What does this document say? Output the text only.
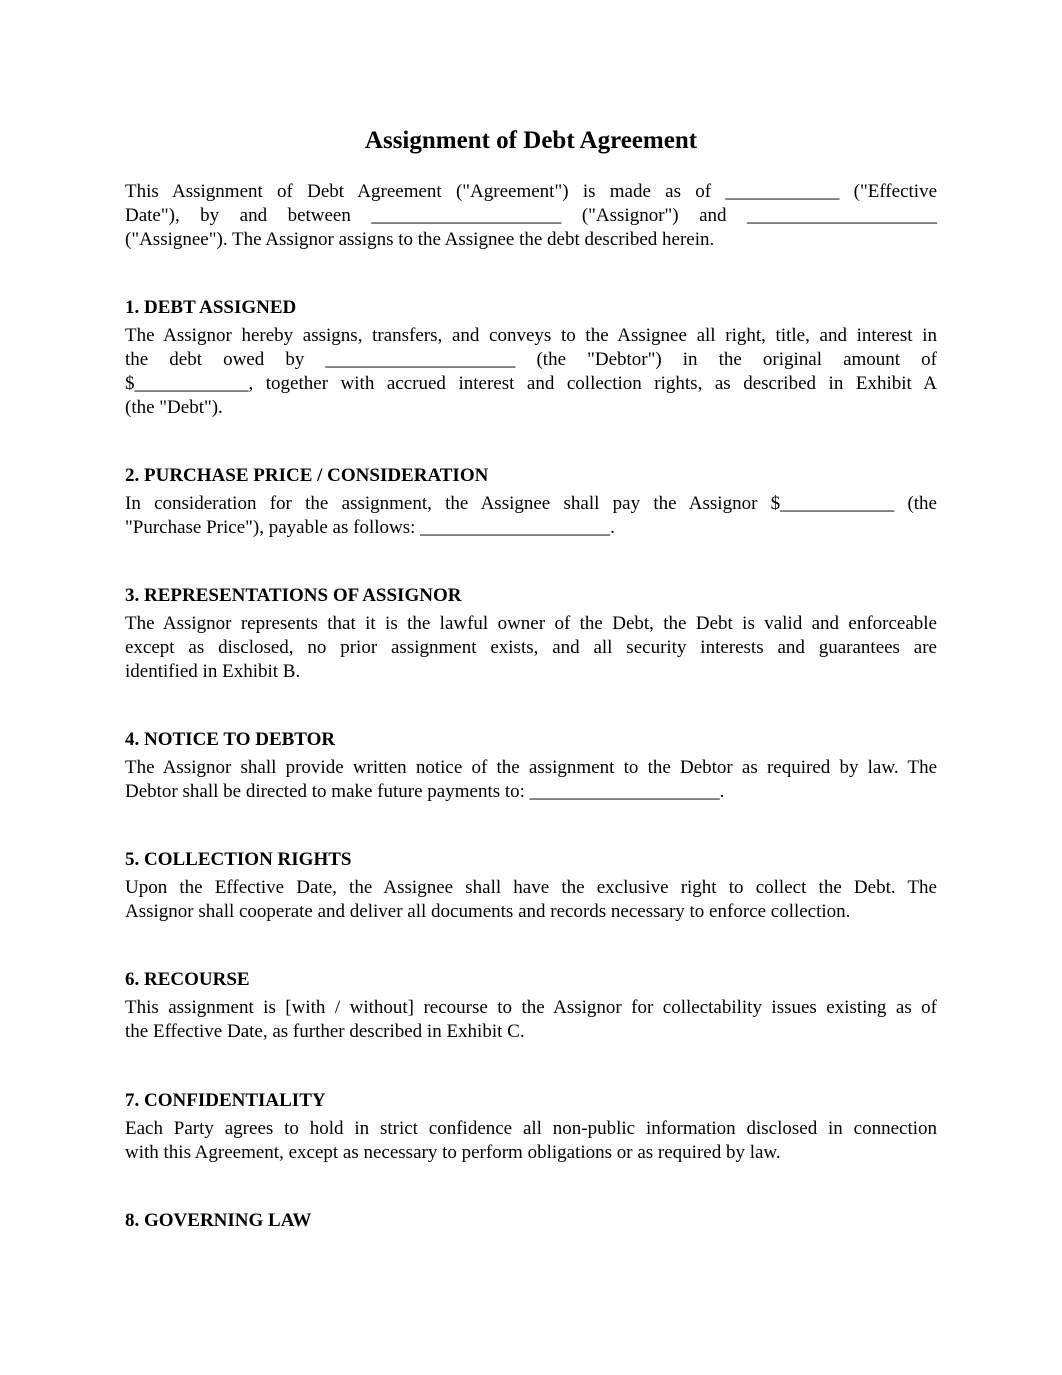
Assignment of Debt Agreement

This Assignment of Debt Agreement ("Agreement") is made as of ____________ ("Effective
Date"), by and between ____________________ ("Assignor") and ____________________
("Assignee"). The Assignor assigns to the Assignee the debt described herein.

1. DEBT ASSIGNED

The Assignor hereby assigns, transfers, and conveys to the Assignee all right, title, and interest in
the debt owed by ____________________ (the "Debtor") in the original amount of
$____________, together with accrued interest and collection rights, as described in Exhibit A
(the "Debt").

2. PURCHASE PRICE / CONSIDERATION

In consideration for the assignment, the Assignee shall pay the Assignor $____________ (the
"Purchase Price"), payable as follows: ____________________.

3. REPRESENTATIONS OF ASSIGNOR

The Assignor represents that it is the lawful owner of the Debt, the Debt is valid and enforceable
except as disclosed, no prior assignment exists, and all security interests and guarantees are
identified in Exhibit B.

4. NOTICE TO DEBTOR

The Assignor shall provide written notice of the assignment to the Debtor as required by law. The
Debtor shall be directed to make future payments to: ____________________.

5. COLLECTION RIGHTS

Upon the Effective Date, the Assignee shall have the exclusive right to collect the Debt. The
Assignor shall cooperate and deliver all documents and records necessary to enforce collection.

6. RECOURSE

This assignment is [with / without] recourse to the Assignor for collectability issues existing as of
the Effective Date, as further described in Exhibit C.

7. CONFIDENTIALITY

Each Party agrees to hold in strict confidence all non-public information disclosed in connection
with this Agreement, except as necessary to perform obligations or as required by law.

8. GOVERNING LAW
